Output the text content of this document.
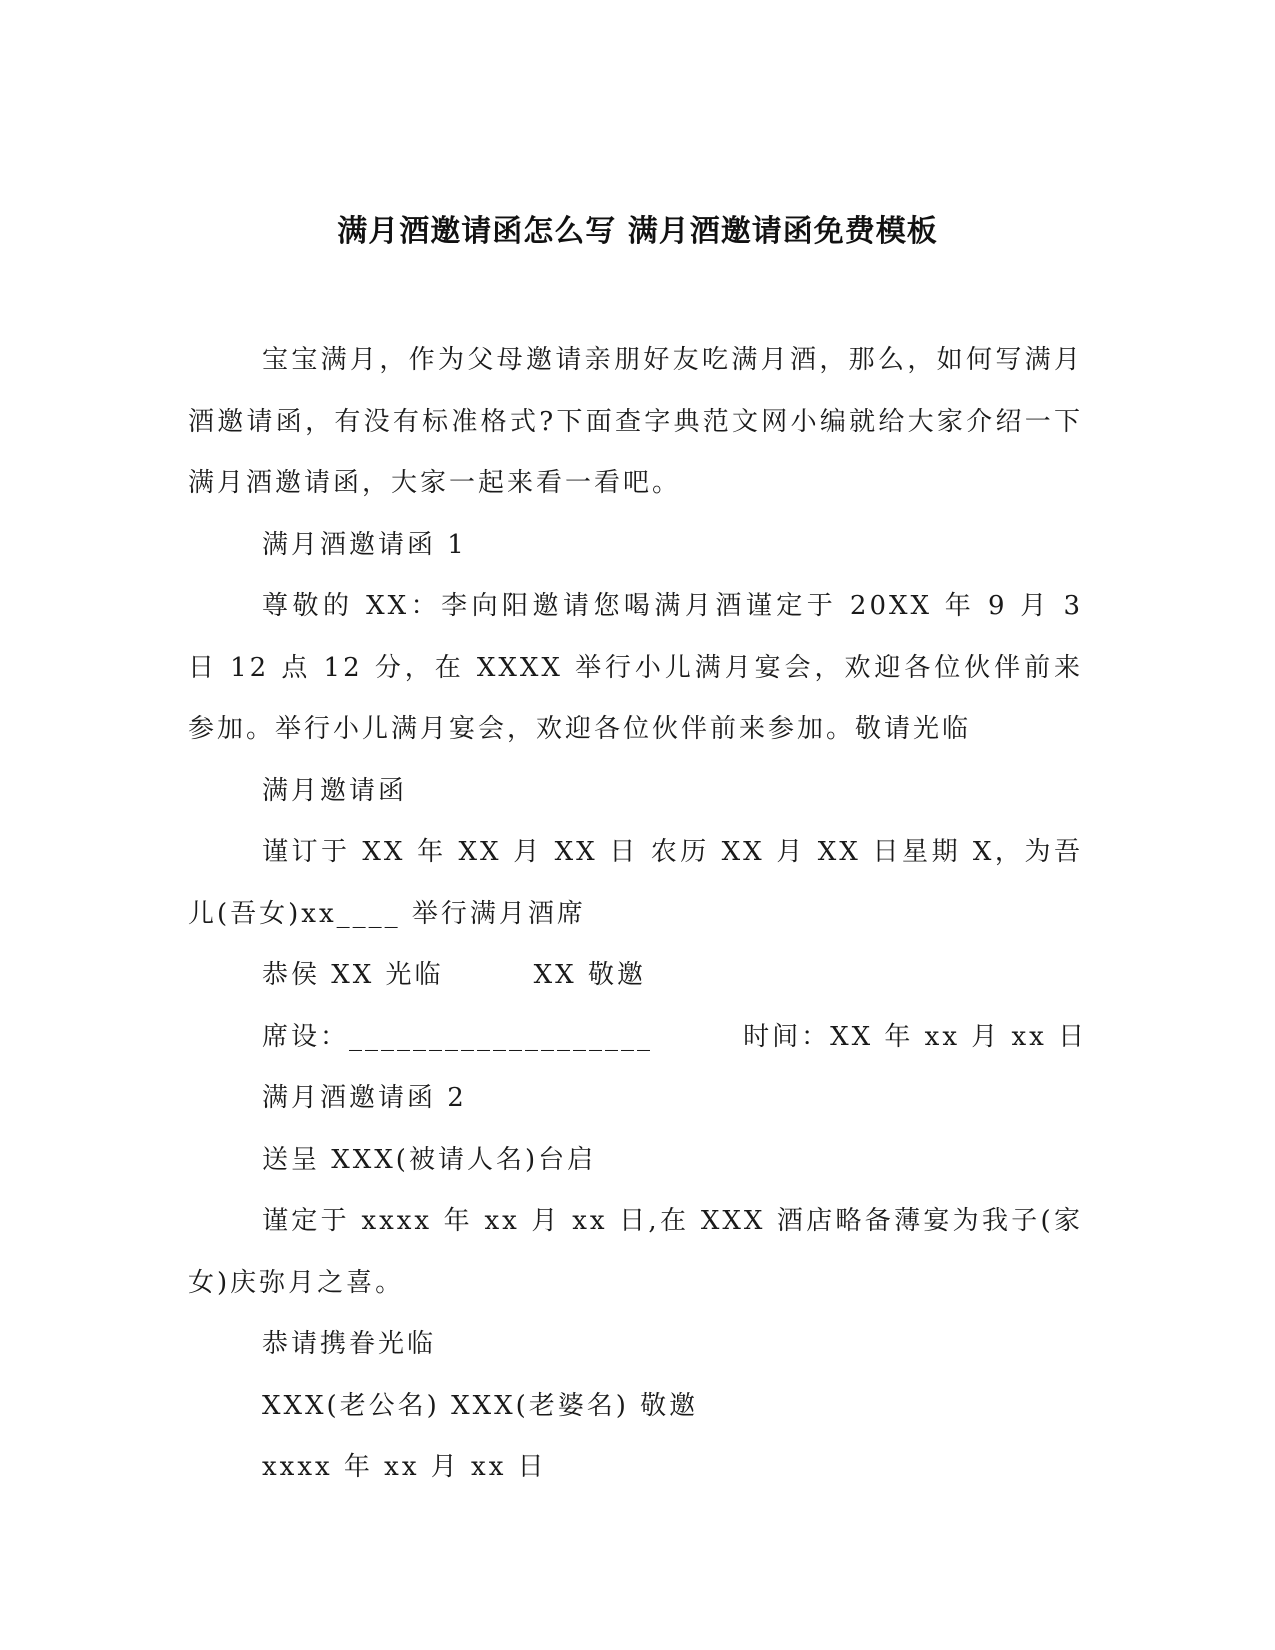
满月酒邀请函怎么写 满月酒邀请函免费模板

宝宝满月，作为父母邀请亲朋好友吃满月酒，那么，如何写满月酒邀请函，有没有标准格式?下面查字典范文网小编就给大家介绍一下满月酒邀请函，大家一起来看一看吧。

满月酒邀请函 1

尊敬的 XX：李向阳邀请您喝满月酒谨定于 20XX 年 9 月 3 日 12 点 12 分，在 XXXX 举行小儿满月宴会，欢迎各位伙伴前来参加。举行小儿满月宴会，欢迎各位伙伴前来参加。敬请光临

满月邀请函

谨订于 XX 年 XX 月 XX 日 农历 XX 月 XX 日星期 X，为吾儿(吾女)xx____ 举行满月酒席

恭侯 XX 光临        XX 敬邀

席设：___________________        时间：XX 年 xx 月 xx 日

满月酒邀请函 2

送呈 XXX(被请人名)台启

谨定于 xxxx 年 xx 月 xx 日,在 XXX 酒店略备薄宴为我子(家女)庆弥月之喜。

恭请携眷光临

XXX(老公名) XXX(老婆名) 敬邀

xxxx 年 xx 月 xx 日
